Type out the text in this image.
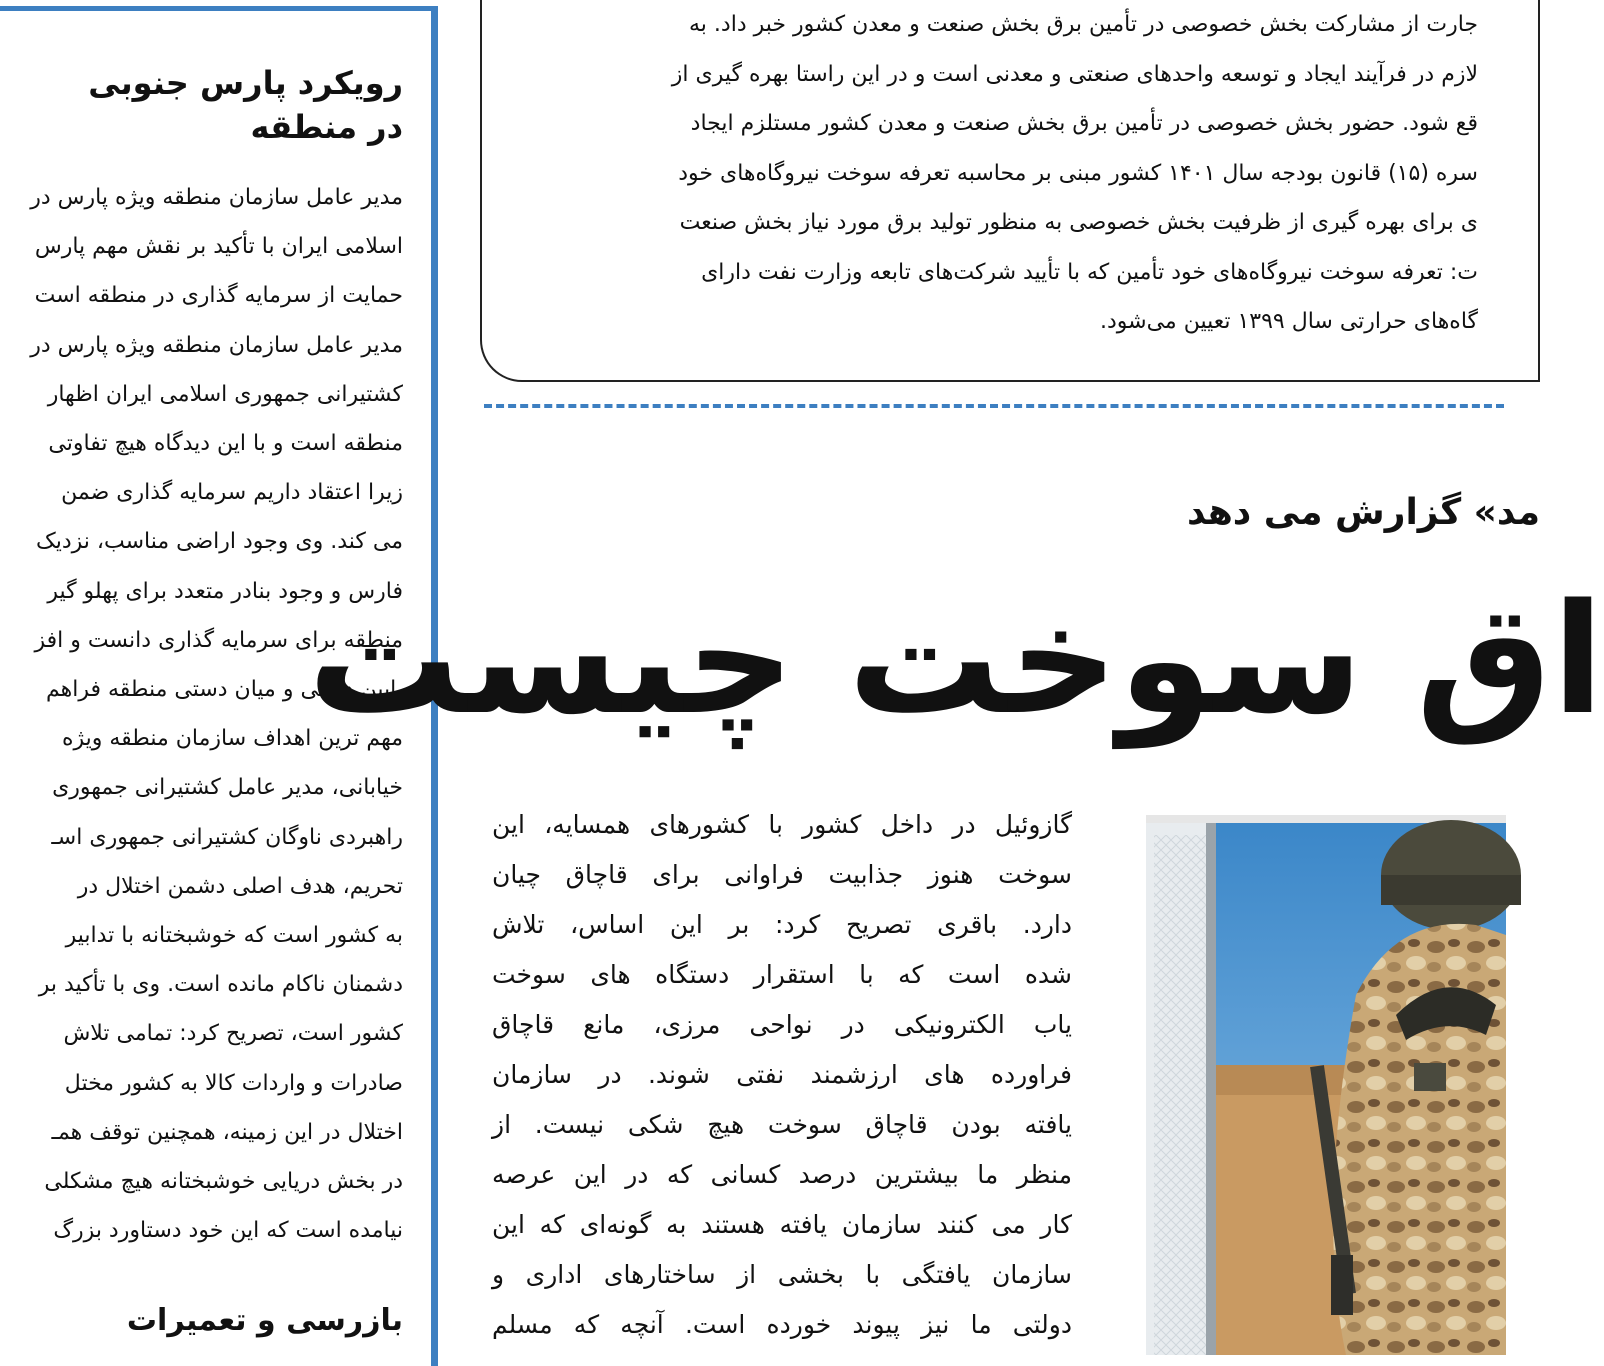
رویکرد پارس جنوبی
در منطقه

مدیر عامل سازمان منطقه ویژه پارس در

اسلامی ایران با تأکید بر نقش مهم پارس

حمایت از سرمایه گذاری در منطقه است

مدیر عامل سازمان منطقه ویژه پارس در

کشتیرانی جمهوری اسلامی ایران اظهار

منطقه است و با این دیدگاه هیچ تفاوتی

زیرا اعتقاد داریم سرمایه گذاری ضمن

می کند. وی وجود اراضی مناسب، نزدیک

فارس و وجود بنادر متعدد برای پهلو گیر

منطقه برای سرمایه گذاری دانست و افز

پایین دستی و میان دستی منطقه فراهم

مهم ترین اهداف سازمان منطقه ویژه

خیابانی، مدیر عامل کشتیرانی جمهوری

راهبردی ناوگان کشتیرانی جمهوری اسـ

تحریم، هدف اصلی دشمن اختلال در

به کشور است که خوشبختانه با تدابیر

دشمنان ناکام مانده است. وی با تأکید بر

کشور است، تصریح کرد: تمامی تلاش

صادرات و واردات کالا به کشور مختل

اختلال در این زمینه، همچنین توقف همـ

در بخش دریایی خوشبختانه هیچ مشکلی

نیامده است که این خود دستاورد بزرگ

بازرسی و تعمیرات

جارت از مشارکت بخش خصوصی در تأمین برق بخش صنعت و معدن کشور خبر داد. به

لازم در فرآیند ایجاد و توسعه واحدهای صنعتی و معدنی است و در این راستا بهره گیری از

قع شود. حضور بخش خصوصی در تأمین برق بخش صنعت و معدن کشور مستلزم ایجاد

سره (۱۵) قانون بودجه سال ۱۴۰۱ کشور مبنی بر محاسبه تعرفه سوخت نیروگاه‌های خود

ی برای بهره گیری از ظرفیت بخش خصوصی به منظور تولید برق مورد نیاز بخش صنعت

ت: تعرفه سوخت نیروگاه‌های خود تأمین که با تأیید شرکت‌های تابعه وزارت نفت دارای

گاه‌های حرارتی سال ۱۳۹۹ تعیین می‌شود.

مد» گزارش می دهد
اق سوخت چیست

گازوئیل در داخل کشور با کشورهای همسایه، این

سوخت هنوز جذابیت فراوانی برای قاچاق چیان

دارد. باقری تصریح کرد: بر این اساس، تلاش

شده است که با استقرار دستگاه های سوخت

یاب الکترونیکی در نواحی مرزی، مانع قاچاق

فراورده های ارزشمند نفتی شوند. در سازمان

یافته بودن قاچاق سوخت هیچ شکی نیست. از

منظر ما بیشترین درصد کسانی که در این عرصه

کار می کنند سازمان یافته هستند به گونه‌ای که این

سازمان یافتگی با بخشی از ساختارهای اداری و

دولتی ما نیز پیوند خورده است. آنچه که مسلم
